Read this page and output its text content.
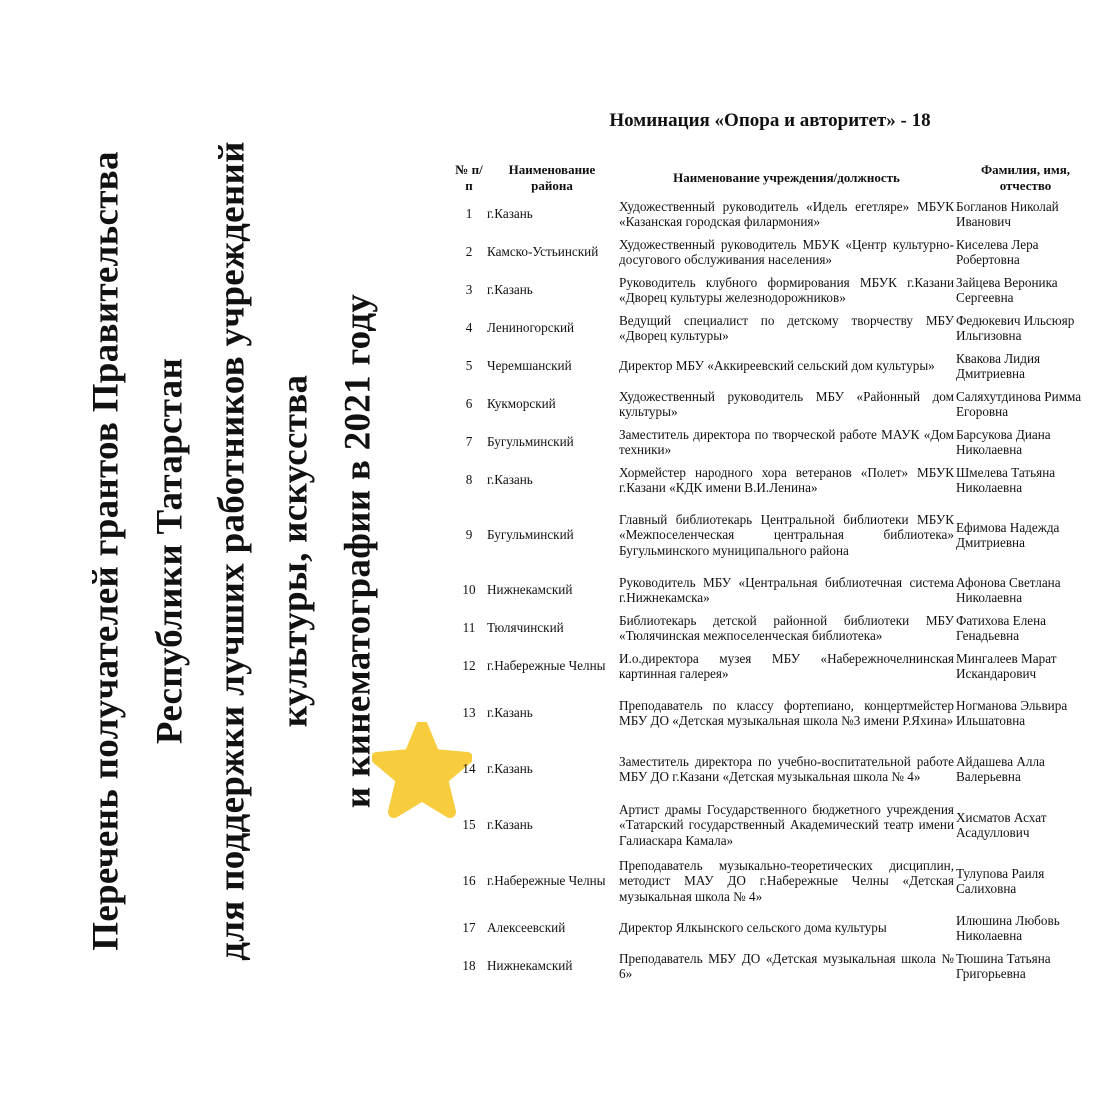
Перечень получателей грантов Правительства Республики Татарстан для поддержки лучших работников учреждений культуры, искусства и кинематографии в 2021 году
Номинация «Опора и авторитет» - 18
№ п/п	Наименование района	Наименование учреждения/должность	Фамилия, имя, отчество
1	г.Казань	Художественный руководитель «Идель егетляре» МБУК «Казанская городская филармония»	Богланов Николай Иванович
2	Камско-Устьинский	Художественный руководитель МБУК «Центр культурно-досугового обслуживания населения»	Киселева Лера Робертовна
3	г.Казань	Руководитель клубного формирования МБУК г.Казани «Дворец культуры железнодорожников»	Зайцева Вероника Сергеевна
4	Лениногорский	Ведущий специалист по детскому творчеству МБУ «Дворец культуры»	Федюкевич Ильсюяр Ильгизовна
5	Черемшанский	Директор МБУ «Аккиреевский сельский дом культуры»	Квакова Лидия Дмитриевна
6	Кукморский	Художественный руководитель МБУ «Районный дом культуры»	Саляхутдинова Римма Егоровна
7	Бугульминский	Заместитель директора по творческой работе МАУК «Дом техники»	Барсукова Диана Николаевна
8	г.Казань	Хормейстер народного хора ветеранов «Полет» МБУК г.Казани «КДК имени В.И.Ленина»	Шмелева Татьяна Николаевна
9	Бугульминский	Главный библиотекарь Центральной библиотеки МБУК «Межпоселенческая центральная библиотека» Бугульминского муниципального района	Ефимова Надежда Дмитриевна
10	Нижнекамский	Руководитель МБУ «Центральная библиотечная система г.Нижнекамска»	Афонова Светлана Николаевна
11	Тюлячинский	Библиотекарь детской районной библиотеки МБУ «Тюлячинская межпоселенческая библиотека»	Фатихова Елена Генадьевна
12	г.Набережные Челны	И.о.директора музея МБУ «Набережночелнинская картинная галерея»	Мингалеев Марат Искандарович
13	г.Казань	Преподаватель по классу фортепиано, концертмейстер МБУ ДО «Детская музыкальная школа №3 имени Р.Яхина»	Ногманова Эльвира Ильшатовна
14	г.Казань	Заместитель директора по учебно-воспитательной работе МБУ ДО г.Казани «Детская музыкальная школа № 4»	Айдашева Алла Валерьевна
15	г.Казань	Артист драмы Государственного бюджетного учреждения «Татарский государственный Академический театр имени Галиаскара Камала»	Хисматов Асхат Асадуллович
16	г.Набережные Челны	Преподаватель музыкально-теоретических дисциплин, методист МАУ ДО г.Набережные Челны «Детская музыкальная школа № 4»	Тулупова Раиля Салиховна
17	Алексеевский	Директор Ялкынского сельского дома культуры	Илюшина Любовь Николаевна
18	Нижнекамский	Преподаватель МБУ ДО «Детская музыкальная школа № 6»	Тюшина Татьяна Григорьевна
